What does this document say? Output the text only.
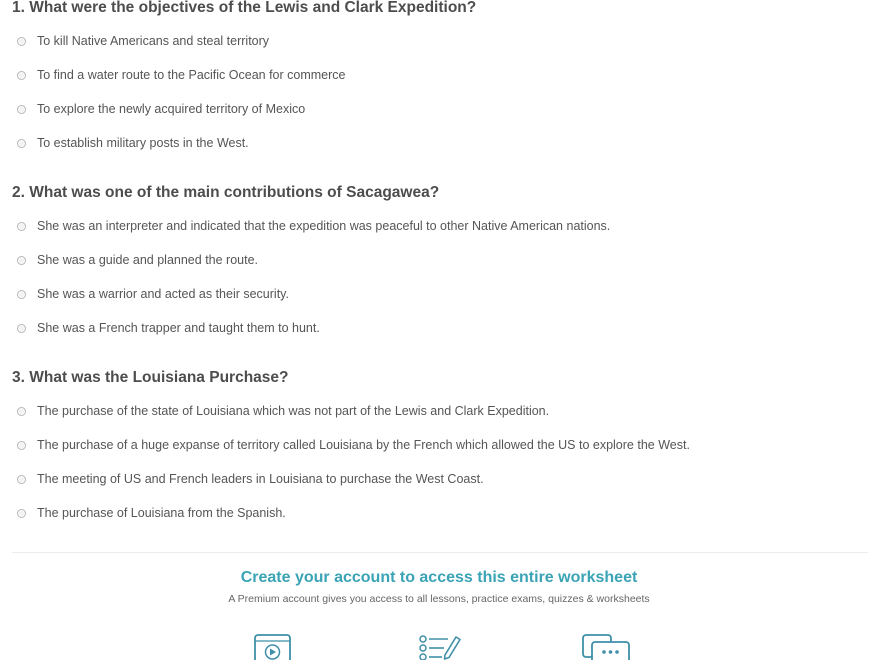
1. What were the objectives of the Lewis and Clark Expedition?
To kill Native Americans and steal territory
To find a water route to the Pacific Ocean for commerce
To explore the newly acquired territory of Mexico
To establish military posts in the West.
2. What was one of the main contributions of Sacagawea?
She was an interpreter and indicated that the expedition was peaceful to other Native American nations.
She was a guide and planned the route.
She was a warrior and acted as their security.
She was a French trapper and taught them to hunt.
3. What was the Louisiana Purchase?
The purchase of the state of Louisiana which was not part of the Lewis and Clark Expedition.
The purchase of a huge expanse of territory called Louisiana by the French which allowed the US to explore the West.
The meeting of US and French leaders in Louisiana to purchase the West Coast.
The purchase of Louisiana from the Spanish.
Create your account to access this entire worksheet

A Premium account gives you access to all lessons, practice exams, quizzes & worksheets
